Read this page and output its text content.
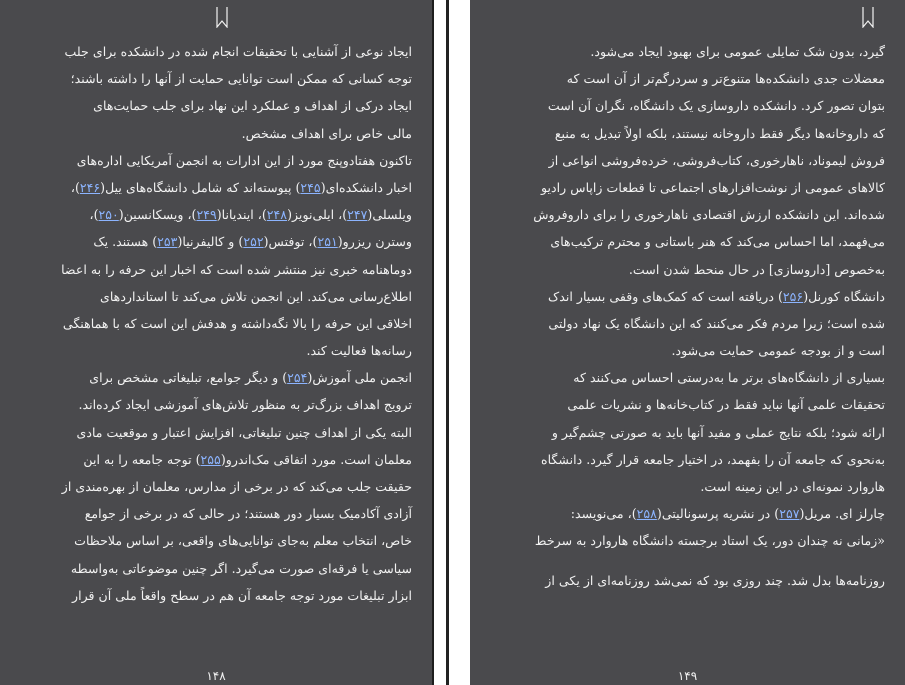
ایجاد نوعی از آشنایی با تحقیقات انجام شده در دانشکده برای جلب
توجه کسانی که ممکن است توانایی حمایت از آنها را داشته باشند؛
ایجاد درکی از اهداف و عملکرد این نهاد برای جلب حمایت‌های
مالی خاص برای اهداف مشخص.
تاکنون هفتادوپنج مورد از این ادارات به انجمن آمریکایی اداره‌های
اخبار دانشکده‌ای(۲۴۵) پیوسته‌اند که شامل دانشگاه‌های ییل(۲۴۶)،
ویلسلی(۲۴۷)، ایلی‌نویز(۲۴۸)، ایندیانا(۲۴۹)، ویسکانسین(۲۵۰)،
وسترن ریزرو(۲۵۱)، توفتس(۲۵۲) و کالیفرنیا(۲۵۳) هستند. یک
دوماهنامه خبری نیز منتشر شده است که اخبار این حرفه را به اعضا
اطلاع‌رسانی می‌کند. این انجمن تلاش می‌کند تا استانداردهای
اخلاقی این حرفه را بالا نگه‌داشته و هدفش این است که با هماهنگی
رسانه‌ها فعالیت کند.
انجمن ملی آموزش(۲۵۴) و دیگر جوامع، تبلیغاتی مشخص برای
ترویج اهداف بزرگ‌تر به منظور تلاش‌های آموزشی ایجاد کرده‌اند.
البته یکی از اهداف چنین تبلیغاتی، افزایش اعتبار و موقعیت مادی
معلمان است. مورد اتفاقی مک‌اندرو(۲۵۵) توجه جامعه را به این
حقیقت جلب می‌کند که در برخی از مدارس، معلمان از بهره‌مندی از
آزادی آکادمیک بسیار دور هستند؛ در حالی که در برخی از جوامع
خاص، انتخاب معلم به‌جای توانایی‌های واقعی، بر اساس ملاحظات
سیاسی یا فرقه‌ای صورت می‌گیرد. اگر چنین موضوعاتی به‌واسطه
ابزار تبلیغات مورد توجه جامعه آن هم در سطح واقعاً ملی آن قرار
۱۴۸
گیرد، بدون شک تمایلی عمومی برای بهبود ایجاد می‌شود.
معضلات جدی دانشکده‌ها متنوع‌تر و سردرگم‌تر از آن است که
بتوان تصور کرد. دانشکده داروسازی یک دانشگاه، نگران آن است
که داروخانه‌ها دیگر فقط داروخانه نیستند، بلکه اولاً تبدیل به منبع
فروش لیموناد، ناهارخوری، کتاب‌فروشی، خرده‌فروشی انواعی از
کالاهای عمومی از نوشت‌افزارهای اجتماعی تا قطعات زاپاس رادیو
شده‌اند. این دانشکده ارزش اقتصادی ناهارخوری را برای داروفروش
می‌فهمد، اما احساس می‌کند که هنر باستانی و محترم ترکیب‌های
به‌خصوص [داروسازی] در حال منحط شدن است.
دانشگاه کورنل(۲۵۶) دریافته است که کمک‌های وقفی بسیار اندک
شده است؛ زیرا مردم فکر می‌کنند که این دانشگاه یک نهاد دولتی
است و از بودجه عمومی حمایت می‌شود.
بسیاری از دانشگاه‌های برتر ما به‌درستی احساس می‌کنند که
تحقیقات علمی آنها نباید فقط در کتاب‌خانه‌ها و نشریات علمی
ارائه شود؛ بلکه نتایج عملی و مفید آنها باید به صورتی چشم‌گیر و
به‌نحوی که جامعه آن را بفهمد، در اختیار جامعه قرار گیرد. دانشگاه
هاروارد نمونه‌ای در این زمینه است.
چارلز ای. مریل(۲۵۷) در نشریه پرسونالیتی(۲۵۸)، می‌نویسد:
«زمانی نه چندان دور، یک استاد برجسته دانشگاه هاروارد به سرخط
روزنامه‌ها بدل شد. چند روزی بود که نمی‌شد روزنامه‌ای از یکی از
۱۴۹
